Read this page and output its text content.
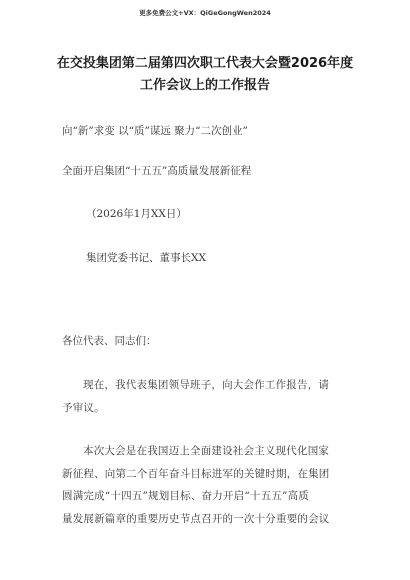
更多免费公文+VX：QiGeGongWen2024
在交投集团第二届第四次职工代表大会暨2026年度
工作会议上的工作报告
向“新”求变 以“质”谋远 聚力“二次创业”
全面开启集团“十五五”高质量发展新征程
（2026年1月XX日）
集团党委书记、董事长XX
各位代表、同志们：
现在，我代表集团领导班子，向大会作工作报告，请
予审议。
本次大会是在我国迈上全面建设社会主义现代化国家
新征程、向第二个百年奋斗目标进军的关键时期，在集团
圆满完成“十四五”规划目标、奋力开启“十五五”高质
量发展新篇章的重要历史节点召开的一次十分重要的会议
